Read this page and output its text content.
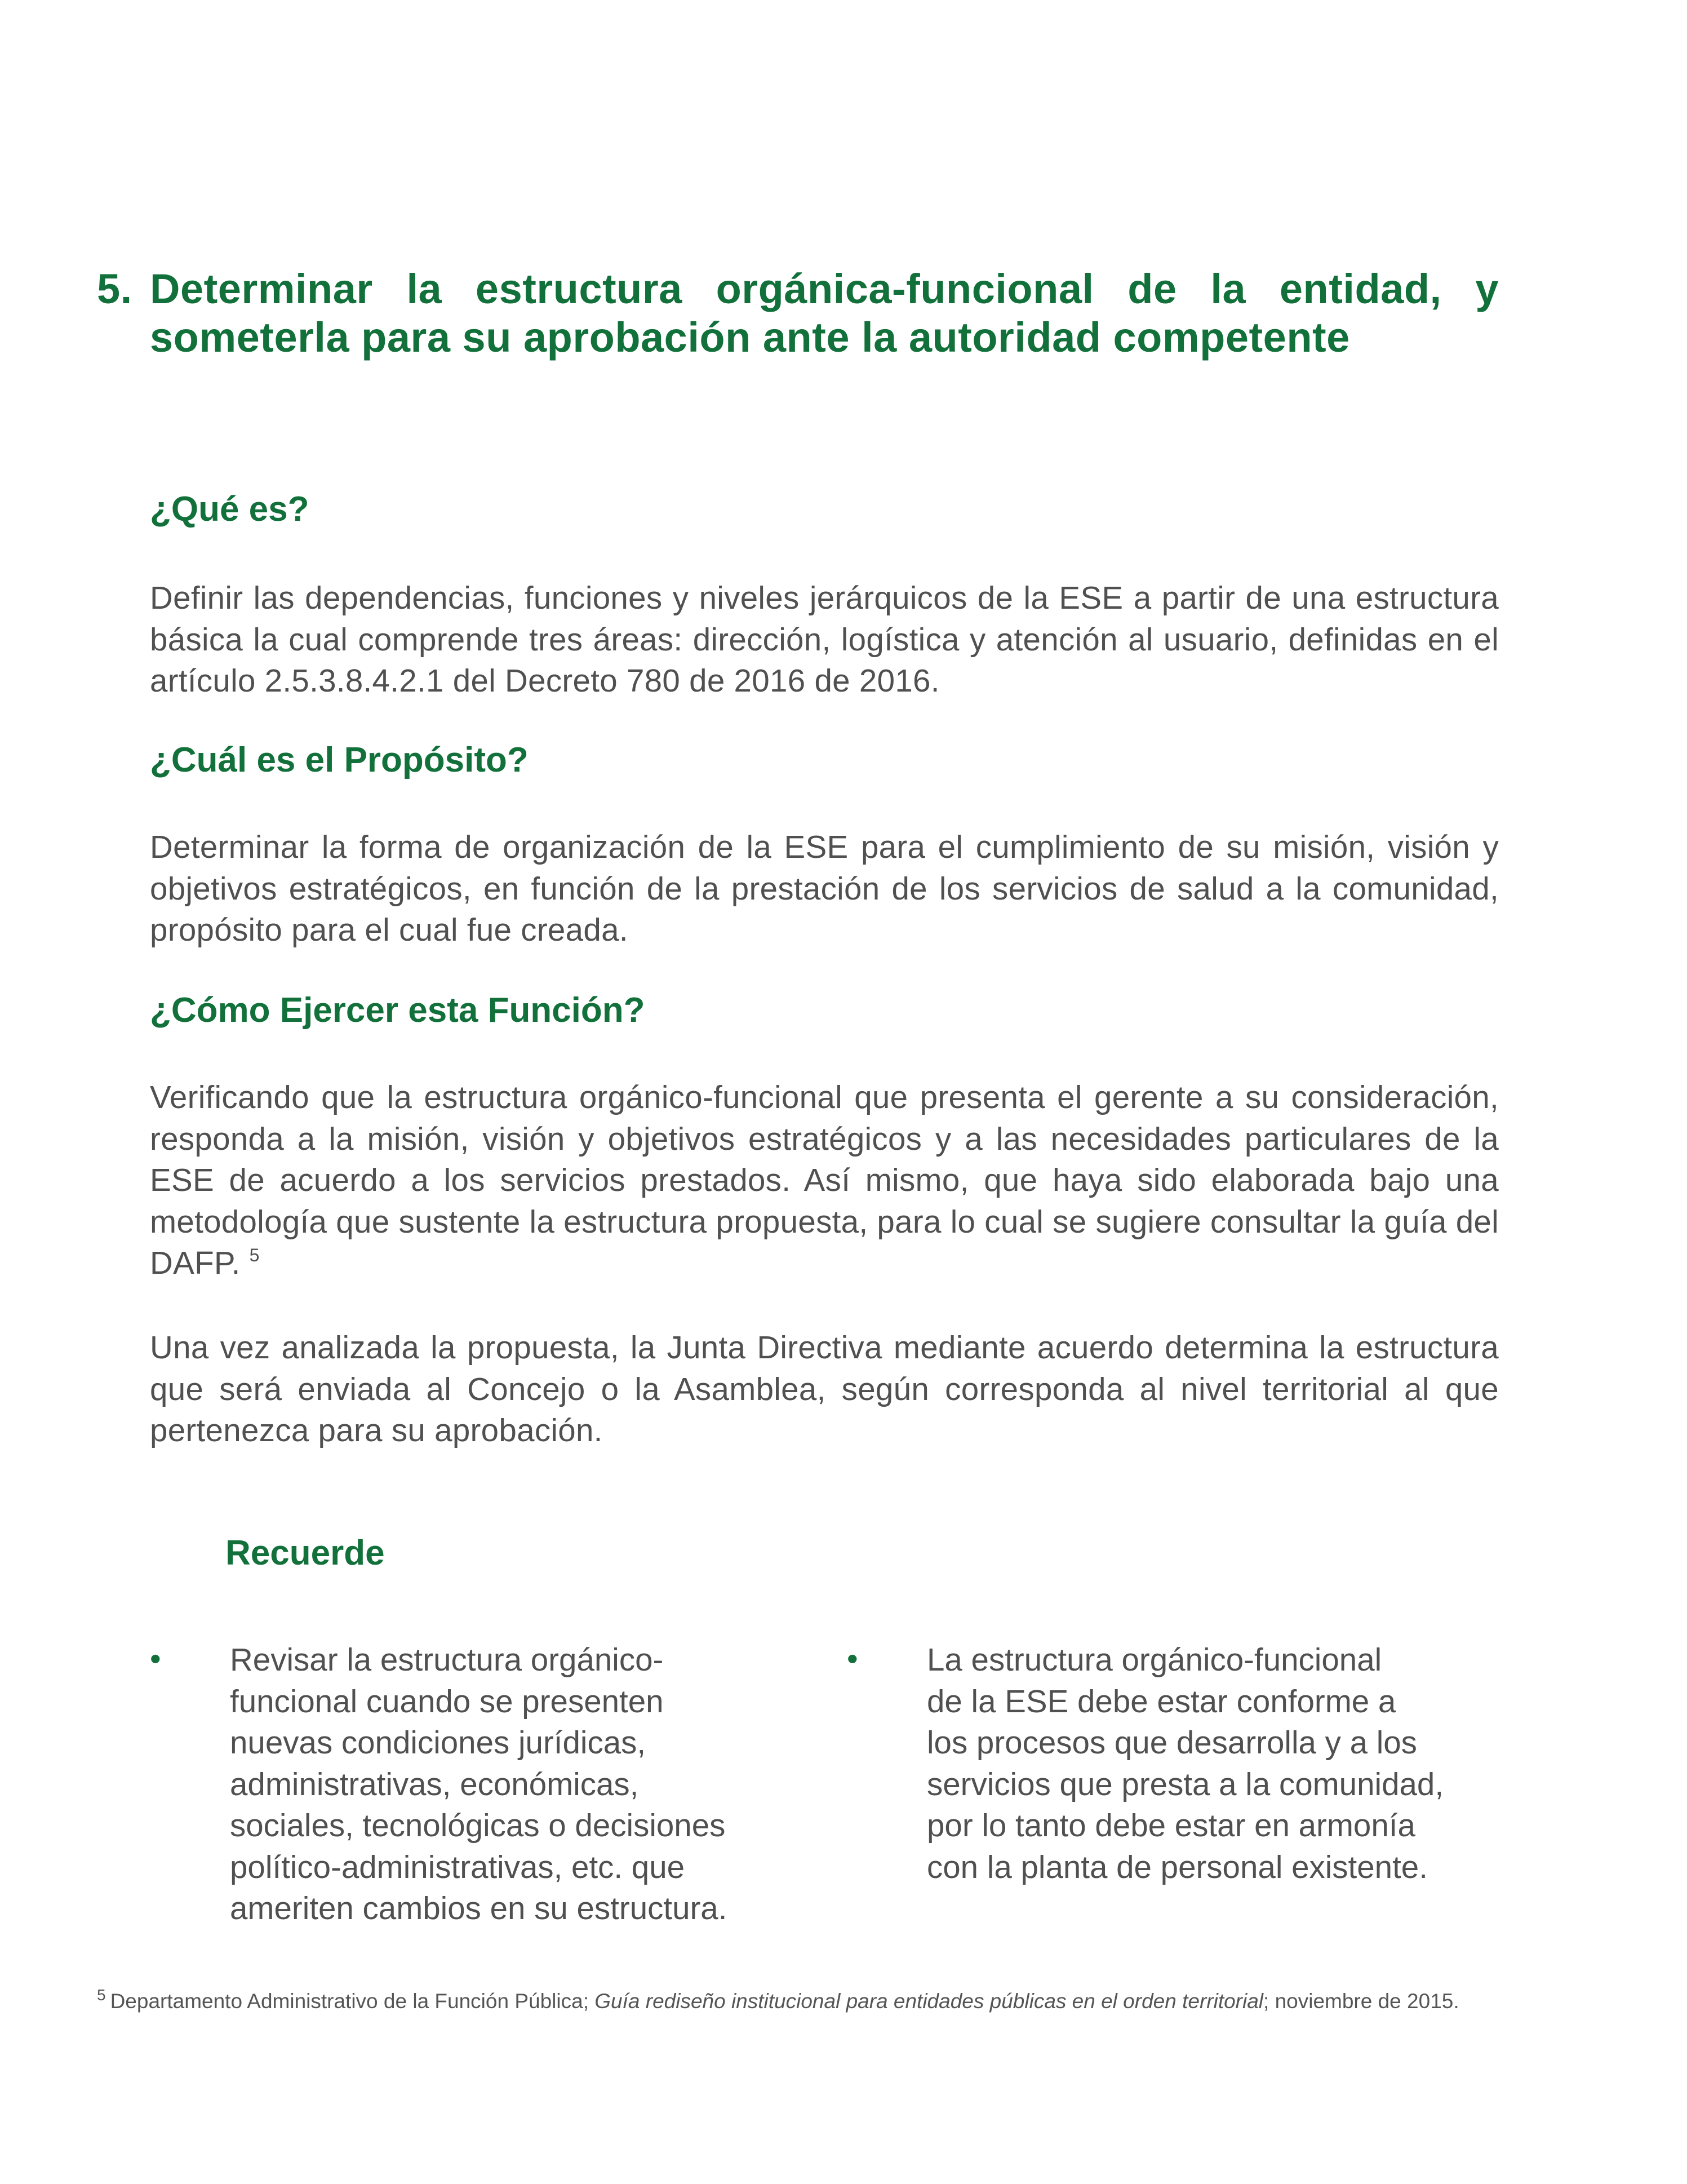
5. Determinar la estructura orgánica-funcional de la entidad, y someterla para su aprobación ante la autoridad competente
¿Qué es?
Definir las dependencias, funciones y niveles jerárquicos de la ESE a partir de una estructura básica la cual comprende tres áreas: dirección, logística y atención al usuario, definidas en el artículo 2.5.3.8.4.2.1 del Decreto 780 de 2016 de 2016.
¿Cuál es el Propósito?
Determinar la forma de organización de la ESE para el cumplimiento de su misión, visión y objetivos estratégicos, en función de la prestación de los servicios de salud a la comunidad, propósito para el cual fue creada.
¿Cómo Ejercer esta Función?
Verificando que la estructura orgánico-funcional que presenta el gerente a su consideración, responda a la misión, visión y objetivos estratégicos y a las necesidades particulares de la ESE de acuerdo a los servicios prestados. Así mismo, que haya sido elaborada bajo una metodología que sustente la estructura propuesta, para lo cual se sugiere consultar la guía del DAFP. $^5$
Una vez analizada la propuesta, la Junta Directiva mediante acuerdo determina la estructura que será enviada al Concejo o la Asamblea, según corresponda al nivel territorial al que pertenezca para su aprobación.
Recuerde
• Revisar la estructura orgánico-
funcional cuando se presenten
nuevas condiciones jurídicas,
administrativas, económicas,
sociales, tecnológicas o decisiones
político-administrativas, etc. que
ameriten cambios en su estructura.
• La estructura orgánico-funcional
de la ESE debe estar conforme a
los procesos que desarrolla y a los
servicios que presta a la comunidad,
por lo tanto debe estar en armonía
con la planta de personal existente.
$^5$ Departamento Administrativo de la Función Pública; Guía rediseño institucional para entidades públicas en el orden territorial; noviembre de 2015.
